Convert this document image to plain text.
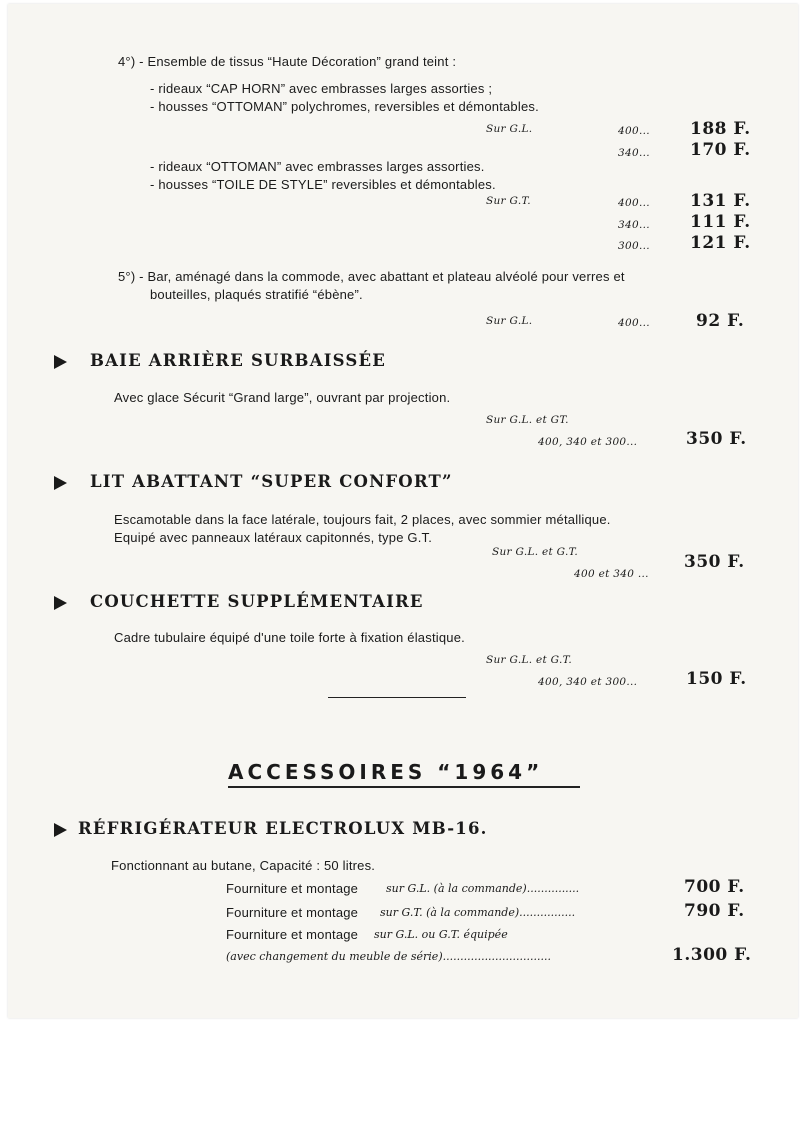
4°) - Ensemble de tissus “Haute Décoration” grand teint :
- rideaux “CAP HORN” avec embrasses larges assorties ;
- housses “OTTOMAN” polychromes, reversibles et démontables.
Sur G.L.	400... 188 F.
340... 170 F.
- rideaux “OTTOMAN” avec embrasses larges assorties.
- housses “TOILE DE STYLE” reversibles et démontables.
Sur G.T.	400... 131 F.
340... 111 F.
300... 121 F.
5°) - Bar, aménagé dans la commode, avec abattant et plateau alvéolé pour verres et
bouteilles, plaqués stratifié “ébène”.
Sur G.L.	400...	92 F.
BAIE ARRIÈRE SURBAISSÉE
Avec glace Sécurit “Grand large”, ouvrant par projection.
Sur G.L. et GT.
400, 340 et 300...	350 F.
LIT ABATTANT “SUPER CONFORT”
Escamotable dans la face latérale, toujours fait, 2 places, avec sommier métallique.
Equipé avec panneaux latéraux capitonnés, type G.T.
Sur G.L. et G.T.
400 et 340 ...
350 F.
COUCHETTE SUPPLÉMENTAIRE
Cadre tubulaire équipé d'une toile forte à fixation élastique.
Sur G.L. et G.T.
400, 340 et 300...	150 F.
ACCESSOIRES “1964”
RÉFRIGÉRATEUR ELECTROLUX MB-16.
Fonctionnant au butane, Capacité : 50 litres.
Fourniture et montage	sur G.L. (à la commande)...............	700 F.
Fourniture et montage sur G.T. (à la commande)................	790 F.
Fourniture et montage sur G.L. ou G.T. équipée
(avec changement du meuble de série)...............................	1.300 F.
